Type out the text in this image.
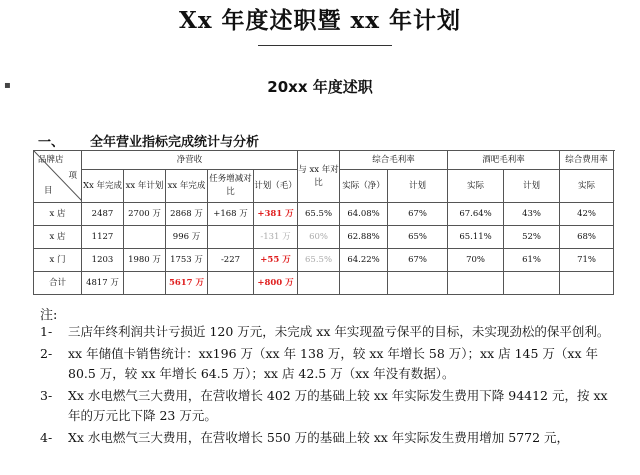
Xx 年度述职暨 xx 年计划
▪	20xx 年度述职
一、 全年营业指标完成统计与分析
品牌店
项
目	净营收					与 xx 年对比	综合毛利率		酒吧毛利率		综合费用率
	Xx 年完成	xx 年计划	xx 年完成	任务增减对比	计划（毛）		实际（净）	计划	实际	计划	实际
x 店	2487	2700 万	2868 万	+168 万	+381 万	65.5%	64.08%	67%	67.64%	43%	42%
x 店	1127		996 万		-131 万	60%	62.88%	65%	65.11%	52%	68%
x 门	1203	1980 万	1753 万	-227	+55 万	65.5%	64.22%	67%	70%	61%	71%
合计	4817 万		5617 万		+800 万						
注:
1-	三店年终利润共计亏损近 120 万元，未完成 xx 年实现盈亏保平的目标，未实现劲松的保平创利。
2-	xx 年储值卡销售统计：xx196 万（xx 年 138 万，较 xx 年增长 58 万）；xx 店 145 万（xx 年 80.5 万，较 xx 年增长 64.5 万）；xx 店 42.5 万（xx 年没有数据）。
3-	Xx 水电燃气三大费用，在营收增长 402 万的基础上较 xx 年实际发生费用下降 94412 元，按 xx 年的万元比下降 23 万元。
4-	Xx 水电燃气三大费用，在营收增长 550 万的基础上较 xx 年实际发生费用增加 5772 元，
